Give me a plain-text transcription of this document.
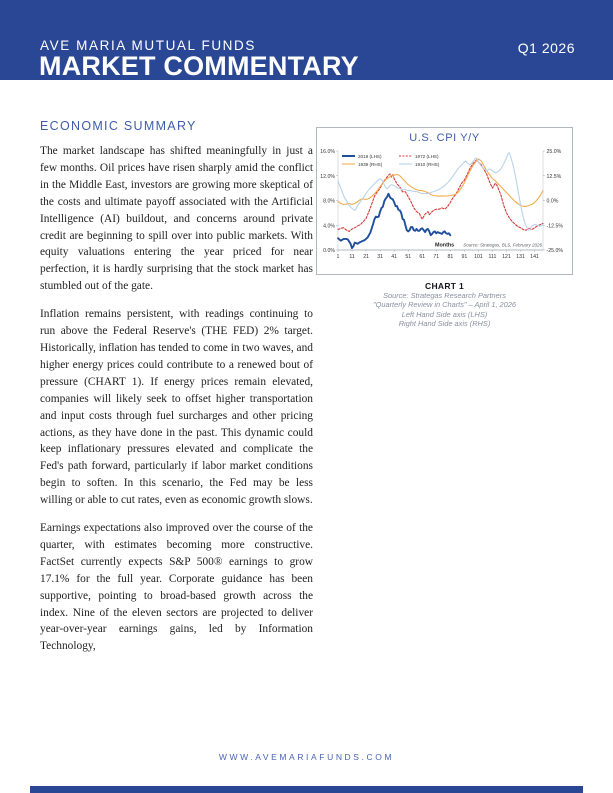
AVE MARIA MUTUAL FUNDS
MARKET COMMENTARY
Q1 2026
ECONOMIC SUMMARY

The market landscape has shifted meaningfully in just a few months. Oil prices have risen sharply amid the conflict in the Middle East, investors are growing more skeptical of the costs and ultimate payoff associated with the Artificial Intelligence (AI) buildout, and concerns around private credit are beginning to spill over into public markets. With equity valuations entering the year priced for near perfection, it is hardly surprising that the stock market has stumbled out of the gate.

Inflation remains persistent, with readings continuing to run above the Federal Reserve's (THE FED) 2% target. Historically, inflation has tended to come in two waves, and higher energy prices could contribute to a renewed bout of pressure (CHART 1). If energy prices remain elevated, companies will likely seek to offset higher transportation and input costs through fuel surcharges and other pricing actions, as they have done in the past. This dynamic could keep inflationary pressures elevated and complicate the Fed's path forward, particularly if labor market conditions begin to soften. In this scenario, the Fed may be less willing or able to cut rates, even as economic growth slows.

Earnings expectations also improved over the course of the quarter, with estimates becoming more constructive. FactSet currently expects S&P 500® earnings to grow 17.1% for the full year. Corporate guidance has been supportive, pointing to broad-based growth across the index. Nine of the eleven sectors are projected to deliver year-over-year earnings gains, led by Information Technology,

U.S. CPI Y/Y
16.0%
12.0%
8.0%
4.0%
0.0%
25.0%
12.5%
0.0%
-12.5%
-25.0%
1 11 21 31 41 51 61 71 81 91 101 111 121 131 141
Months Source: Strategas, BLS, February 2026
2019 (LHS)	1972 (LHS)
1939 (RHS)	1910 (RHS)
CHART 1
Source: Strategas Research Partners
"Quarterly Review in Charts" – April 1, 2026
Left Hand Side axis (LHS)
Right Hand Side axis (RHS)
WWW.AVEMARIAFUNDS.COM
